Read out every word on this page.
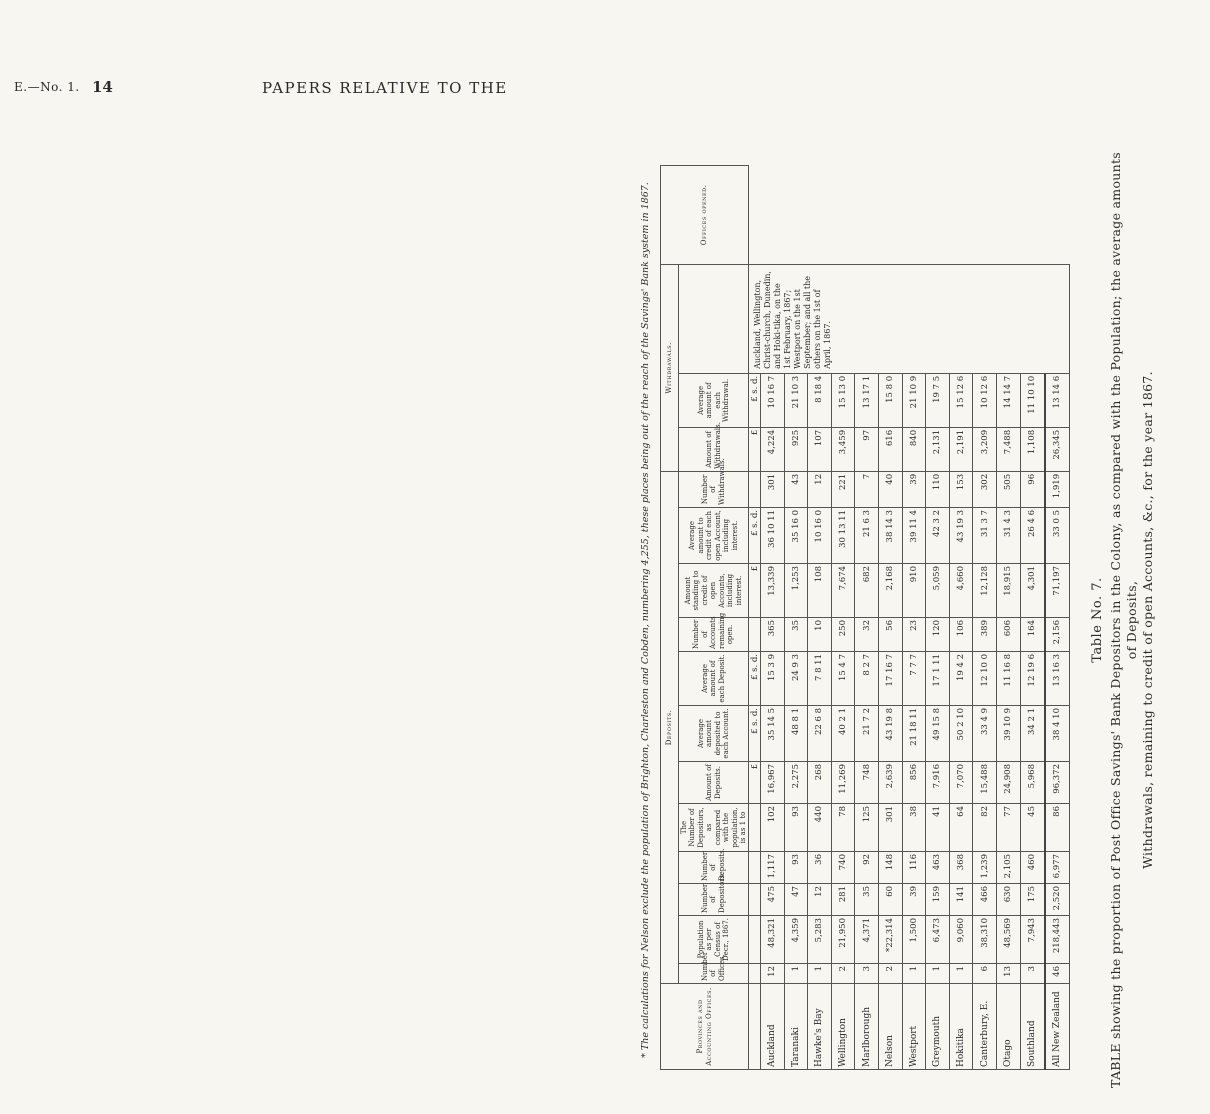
E.—No. 1. 14	PAPERS RELATIVE TO THE
Table No. 7. TABLE showing the proportion of Post Office Savings' Bank Depositors in the Colony, as compared with the Population; the average amounts of Deposits, Withdrawals, remaining to credit of open Accounts, &c., for the year 1867.
Provinces and Accounting Offices.	Deposits.												Withdrawals.			Offices opened.
	Number of Offices.	Population as per Census of Decr., 1867.	Number of Depositors.	Number of Deposits.	The Number of Depositors, as compared with the population, is as 1 to	Amount of Deposits.	Average amount deposited to each Account.	Average amount of each Deposit.	Number of Accounts remaining open.	Amount standing to credit of open Accounts, including interest.	Average amount to credit of each open Account, including interest.	Number of Withdrawals.	Amount of Withdrawals.	Average amount of each Withdrawal.		
						£	£ s. d.	£ s. d.		£	£ s. d.		£	£ s. d.	Auckland, Wellington, Christ-church, Dunedin, and Hoki-tika, on the 1st February, 1867; Westport on the 1st September; and all the others on the 1st of April, 1867.	
Auckland	12	48,321	475	1,117	102	16,967	35 14 5	15 3 9	365	13,339	36 10 11	301	4,224	10 16 7		
Taranaki	1	4,359	47	93	93	2,275	48 8 1	24 9 3	35	1,253	35 16 0	43	925	21 10 3		
Hawke's Bay	1	5,283	12	36	440	268	22 6 8	7 8 11	10	108	10 16 0	12	107	8 18 4		
Wellington	2	21,950	281	740	78	11,269	40 2 1	15 4 7	250	7,674	30 13 11	221	3,459	15 13 0		
Marlborough	3	4,371	35	92	125	748	21 7 2	8 2 7	32	682	21 6 3	7	97	13 17 1		
Nelson	2	*22,314	60	148	301	2,639	43 19 8	17 16 7	56	2,168	38 14 3	40	616	15 8 0		
Westport	1	1,500	39	116	38	856	21 18 11	7 7 7	23	910	39 11 4	39	840	21 10 9		
Greymouth	1	6,473	159	463	41	7,916	49 15 8	17 1 11	120	5,059	42 3 2	110	2,131	19 7 5		
Hokitika	1	9,060	141	368	64	7,070	50 2 10	19 4 2	106	4,660	43 19 3	153	2,191	15 12 6		
Canterbury, E.	6	38,310	466	1,239	82	15,488	33 4 9	12 10 0	389	12,128	31 3 7	302	3,209	10 12 6		
Otago	13	48,569	630	2,105	77	24,908	39 10 9	11 16 8	606	18,915	31 4 3	505	7,488	14 14 7		
Southland	3	7,943	175	460	45	5,968	34 2 1	12 19 6	164	4,301	26 4 6	96	1,108	11 10 10		
All New Zealand	46	218,443	2,520	6,977	86	96,372	38 4 10	13 16 3	2,156	71,197	33 0 5	1,919	26,345	13 14 6		
* The calculations for Nelson exclude the population of Brighton, Charleston and Cobden, numbering 4,255, these places being out of the reach of the Savings' Bank system in 1867.
